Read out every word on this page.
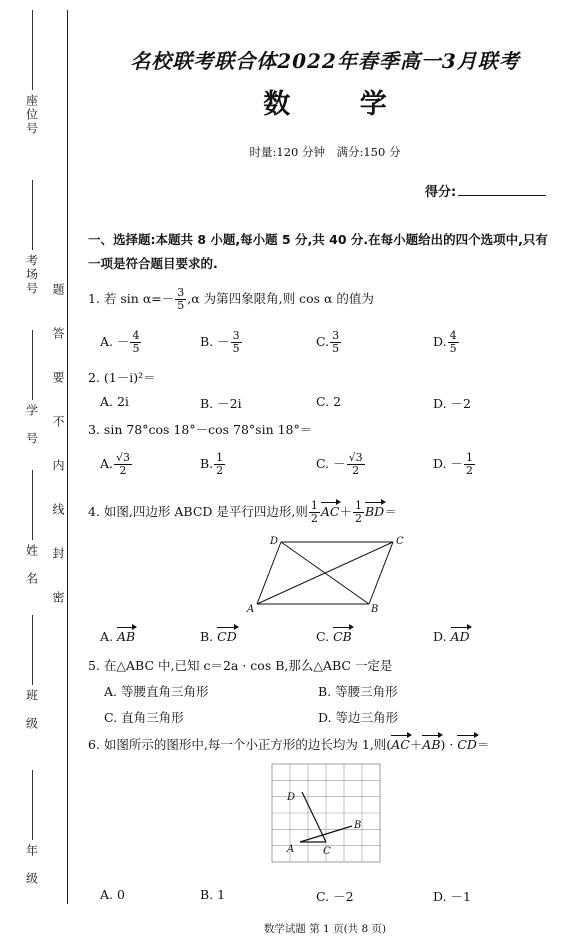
座位号
考场号
学　号
姓　名
班　级
年　级
题
答
要
不
内
线
封
密
名校联考联合体2022年春季高一3月联考
数 学
时量:120 分钟　满分:150 分
得分:
一、选择题:本题共 8 小题,每小题 5 分,共 40 分.在每小题给出的四个选项中,只有一项是符合题目要求的.
1. 若 $\sin \alpha=- \frac{3}{5} ,\alpha$ 为第四象限角,则 cos α 的值为
A. － $\frac{4}{5}$	B. － $\frac{3}{5}$	C. $\frac{3}{5}$	D. $\frac{4}{5}$
2. (1－i)²＝
A. 2i	B. －2i	C. 2	D. －2
3. sin 78°cos 18°－cos 78°sin 18°＝
A. $\frac{√3}{2}$	B. $\frac{1}{2}$	C. － $\frac{√3}{2}$	D. － $\frac{1}{2}$
4. 如图,四边形 ABCD 是平行四边形,则 $\frac{1}{2} AC+ \frac{1}{2} BD=$
D	C
A	B
A. AB	B. CD	C. CB	D. AD
5. 在△ABC 中,已知 c＝2a · cos B,那么△ABC 一定是
A. 等腰直角三角形	B. 等腰三角形
C. 直角三角形	D. 等边三角形
6. 如图所示的图形中,每一个小正方形的边长均为 1,则(AC＋AB) · CD＝
D
B
A	C
A. 0	B. 1	C. －2	D. －1
数学试题 第 1 页(共 8 页)
